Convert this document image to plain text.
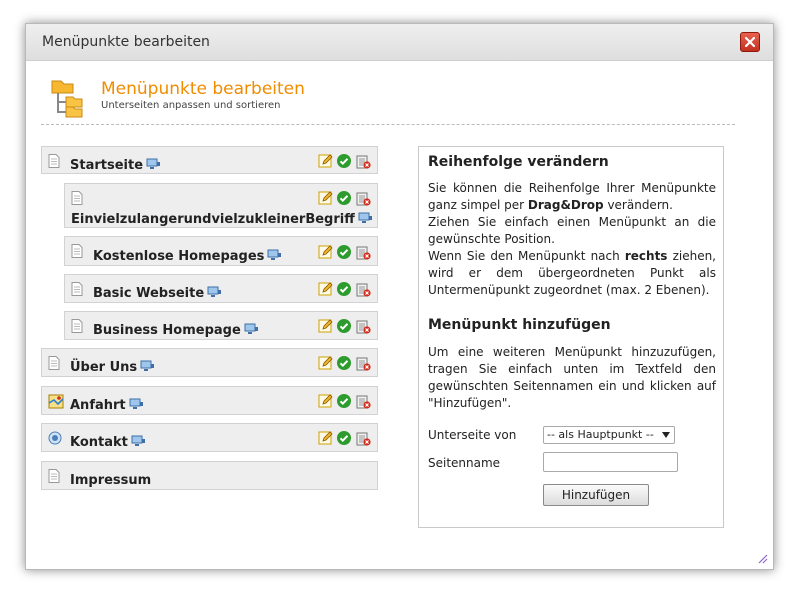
Menüpunkte bearbeiten
Menüpunkte bearbeiten
Unterseiten anpassen und sortieren
Startseite
EinvielzulangerundvielzukleinerBegriff
Kostenlose Homepages
Basic Webseite
Business Homepage
Über Uns
Anfahrt
Kontakt
Impressum
Reihenfolge verändern

Sie können die Reihenfolge Ihrer Menüpunkte ganz simpel per Drag&Drop verändern.

Ziehen Sie einfach einen Menüpunkt an die gewünschte Position.

Wenn Sie den Menüpunkt nach rechts ziehen, wird er dem übergeordneten Punkt als Untermenüpunkt zugeordnet (max. 2 Ebenen).

Menüpunkt hinzufügen

Um eine weiteren Menüpunkt hinzuzufügen, tragen Sie einfach unten im Textfeld den gewünschten Seitennamen ein und klicken auf "Hinzufügen".

Unterseite von	-- als Hauptpunkt --
Seitenname
Hinzufügen
